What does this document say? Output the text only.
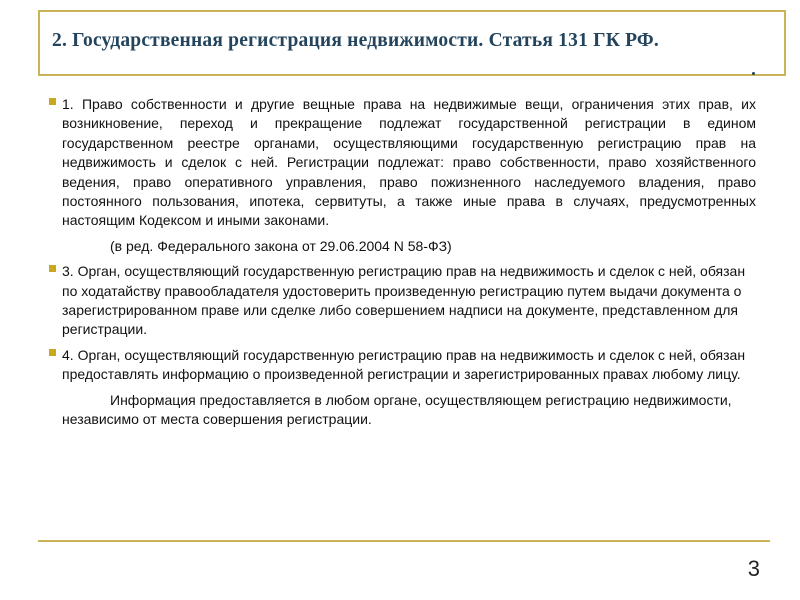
2. Государственная регистрация недвижимости. Статья 131 ГК РФ.

1. Право собственности и другие вещные права на недвижимые вещи, ограничения этих прав, их возникновение, переход и прекращение подлежат государственной регистрации в едином государственном реестре органами, осуществляющими государственную регистрацию прав на недвижимость и сделок с ней. Регистрации подлежат: право собственности, право хозяйственного ведения, право оперативного управления, право пожизненного наследуемого владения, право постоянного пользования, ипотека, сервитуты, а также иные права в случаях, предусмотренных настоящим Кодексом и иными законами.

(в ред. Федерального закона от 29.06.2004 N 58-ФЗ)

3. Орган, осуществляющий государственную регистрацию прав на недвижимость и сделок с ней, обязан по ходатайству правообладателя удостоверить произведенную регистрацию путем выдачи документа о зарегистрированном праве или сделке либо совершением надписи на документе, представленном для регистрации.

4. Орган, осуществляющий государственную регистрацию прав на недвижимость и сделок с ней, обязан предоставлять информацию о произведенной регистрации и зарегистрированных правах любому лицу.

Информация предоставляется в любом органе, осуществляющем регистрацию недвижимости, независимо от места совершения регистрации.

3
